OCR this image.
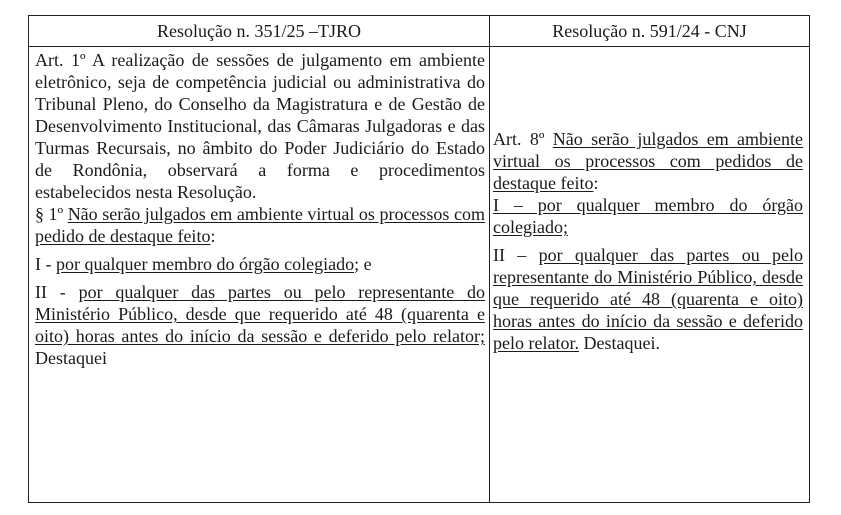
Resolução n. 351/25 –TJRO	Resolução n. 591/24 - CNJ

Art. 1º A realização de sessões de julgamento em ambiente eletrônico, seja de competência judicial ou administrativa do Tribunal Pleno, do Conselho da Magistratura e de Gestão de Desenvolvimento Institucional, das Câmaras Julgadoras e das Turmas Recursais, no âmbito do Poder Judiciário do Estado de Rondônia, observará a forma e procedimentos estabelecidos nesta Resolução.

§ 1º Não serão julgados em ambiente virtual os processos com pedido de destaque feito:

I - por qualquer membro do órgão colegiado; e

II - por qualquer das partes ou pelo representante do Ministério Público, desde que requerido até 48 (quarenta e oito) horas antes do início da sessão e deferido pelo relator; Destaquei

Art. 8º Não serão julgados em ambiente virtual os processos com pedidos de destaque feito:

I – por qualquer membro do órgão colegiado;

II – por qualquer das partes ou pelo representante do Ministério Público, desde que requerido até 48 (quarenta e oito) horas antes do início da sessão e deferido pelo relator. Destaquei.
